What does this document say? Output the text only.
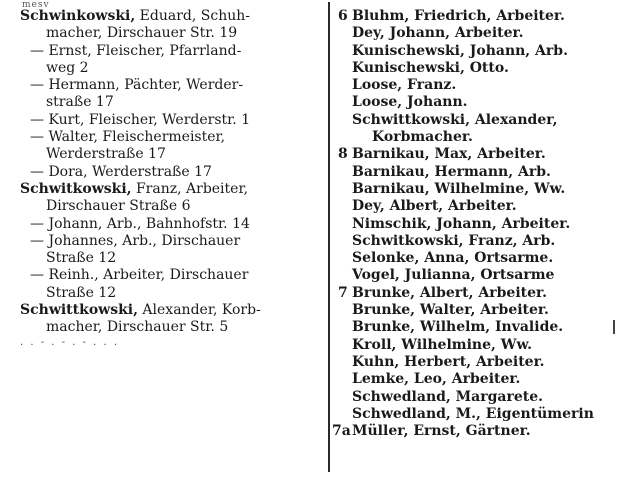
mesv
Schwinkowski, Eduard, Schuh-
macher, Dirschauer Str. 19
— Ernst, Fleischer, Pfarrland-
weg 2
— Hermann, Pächter, Werder-
straße 17
— Kurt, Fleischer, Werderstr. 1
— Walter, Fleischermeister,
Werderstraße 17
— Dora, Werderstraße 17
Schwitkowski, Franz, Arbeiter,
Dirschauer Straße 6
— Johann, Arb., Bahnhofstr. 14
— Johannes, Arb., Dirschauer
Straße 12
— Reinh., Arbeiter, Dirschauer
Straße 12
Schwittkowski, Alexander, Korb-
macher, Dirschauer Str. 5
. . - . - . - . . .
6 Bluhm, Friedrich, Arbeiter.
Dey, Johann, Arbeiter.
Kunischewski, Johann, Arb.
Kunischewski, Otto.
Loose, Franz.
Loose, Johann.
Schwittkowski, Alexander,
Korbmacher.
8 Barnikau, Max, Arbeiter.
Barnikau, Hermann, Arb.
Barnikau, Wilhelmine, Ww.
Dey, Albert, Arbeiter.
Nimschik, Johann, Arbeiter.
Schwitkowski, Franz, Arb.
Selonke, Anna, Ortsarme.
Vogel, Julianna, Ortsarme
7 Brunke, Albert, Arbeiter.
Brunke, Walter, Arbeiter.
Brunke, Wilhelm, Invalide.
Kroll, Wilhelmine, Ww.
Kuhn, Herbert, Arbeiter.
Lemke, Leo, Arbeiter.
Schwedland, Margarete.
Schwedland, M., Eigentümerin
7aMüller, Ernst, Gärtner.
